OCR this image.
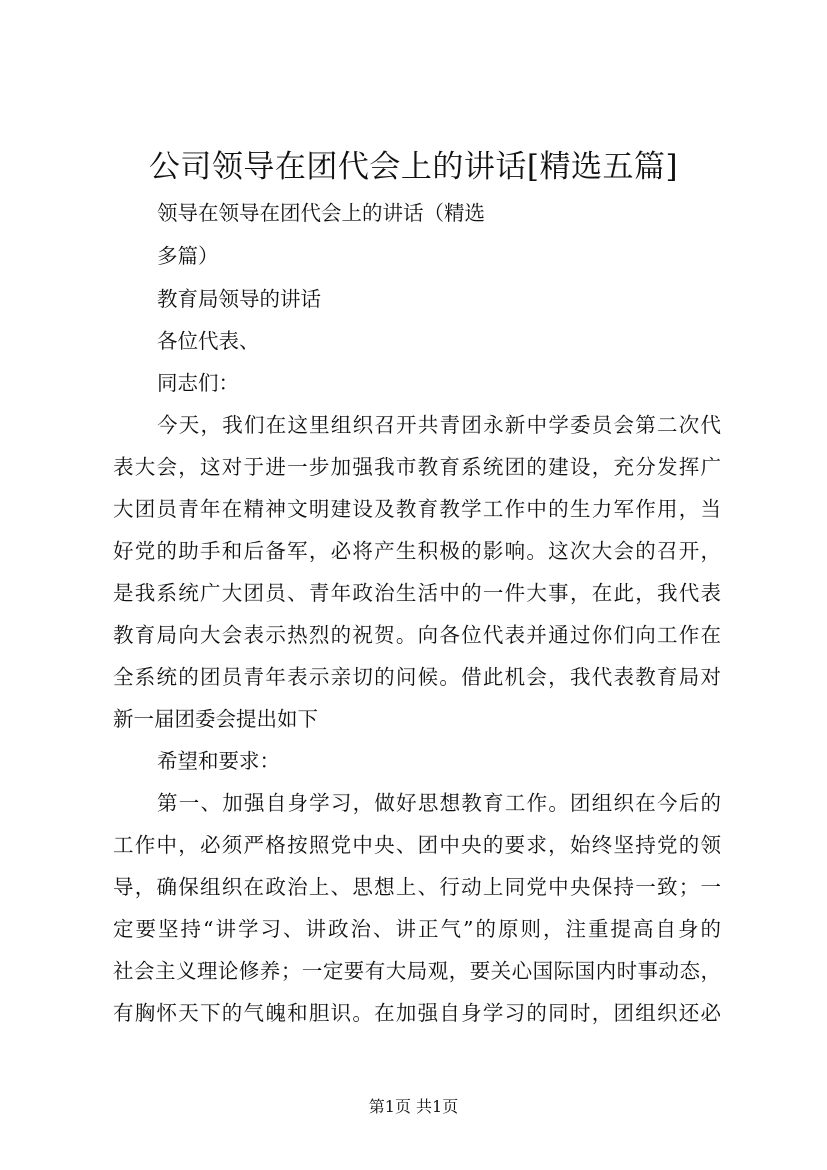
公司领导在团代会上的讲话[精选五篇]
领导在领导在团代会上的讲话（精选
多篇）
教育局领导的讲话
各位代表、
同志们：
今天，我们在这里组织召开共青团永新中学委员会第二次代
表大会，这对于进一步加强我市教育系统团的建设，充分发挥广
大团员青年在精神文明建设及教育教学工作中的生力军作用，当
好党的助手和后备军，必将产生积极的影响。这次大会的召开，
是我系统广大团员、青年政治生活中的一件大事，在此，我代表
教育局向大会表示热烈的祝贺。向各位代表并通过你们向工作在
全系统的团员青年表示亲切的问候。借此机会，我代表教育局对
新一届团委会提出如下
希望和要求：
第一、加强自身学习，做好思想教育工作。团组织在今后的
工作中，必须严格按照党中央、团中央的要求，始终坚持党的领
导，确保组织在政治上、思想上、行动上同党中央保持一致；一
定要坚持“讲学习、讲政治、讲正气”的原则，注重提高自身的
社会主义理论修养；一定要有大局观，要关心国际国内时事动态，
有胸怀天下的气魄和胆识。在加强自身学习的同时，团组织还必
第1页 共1页
